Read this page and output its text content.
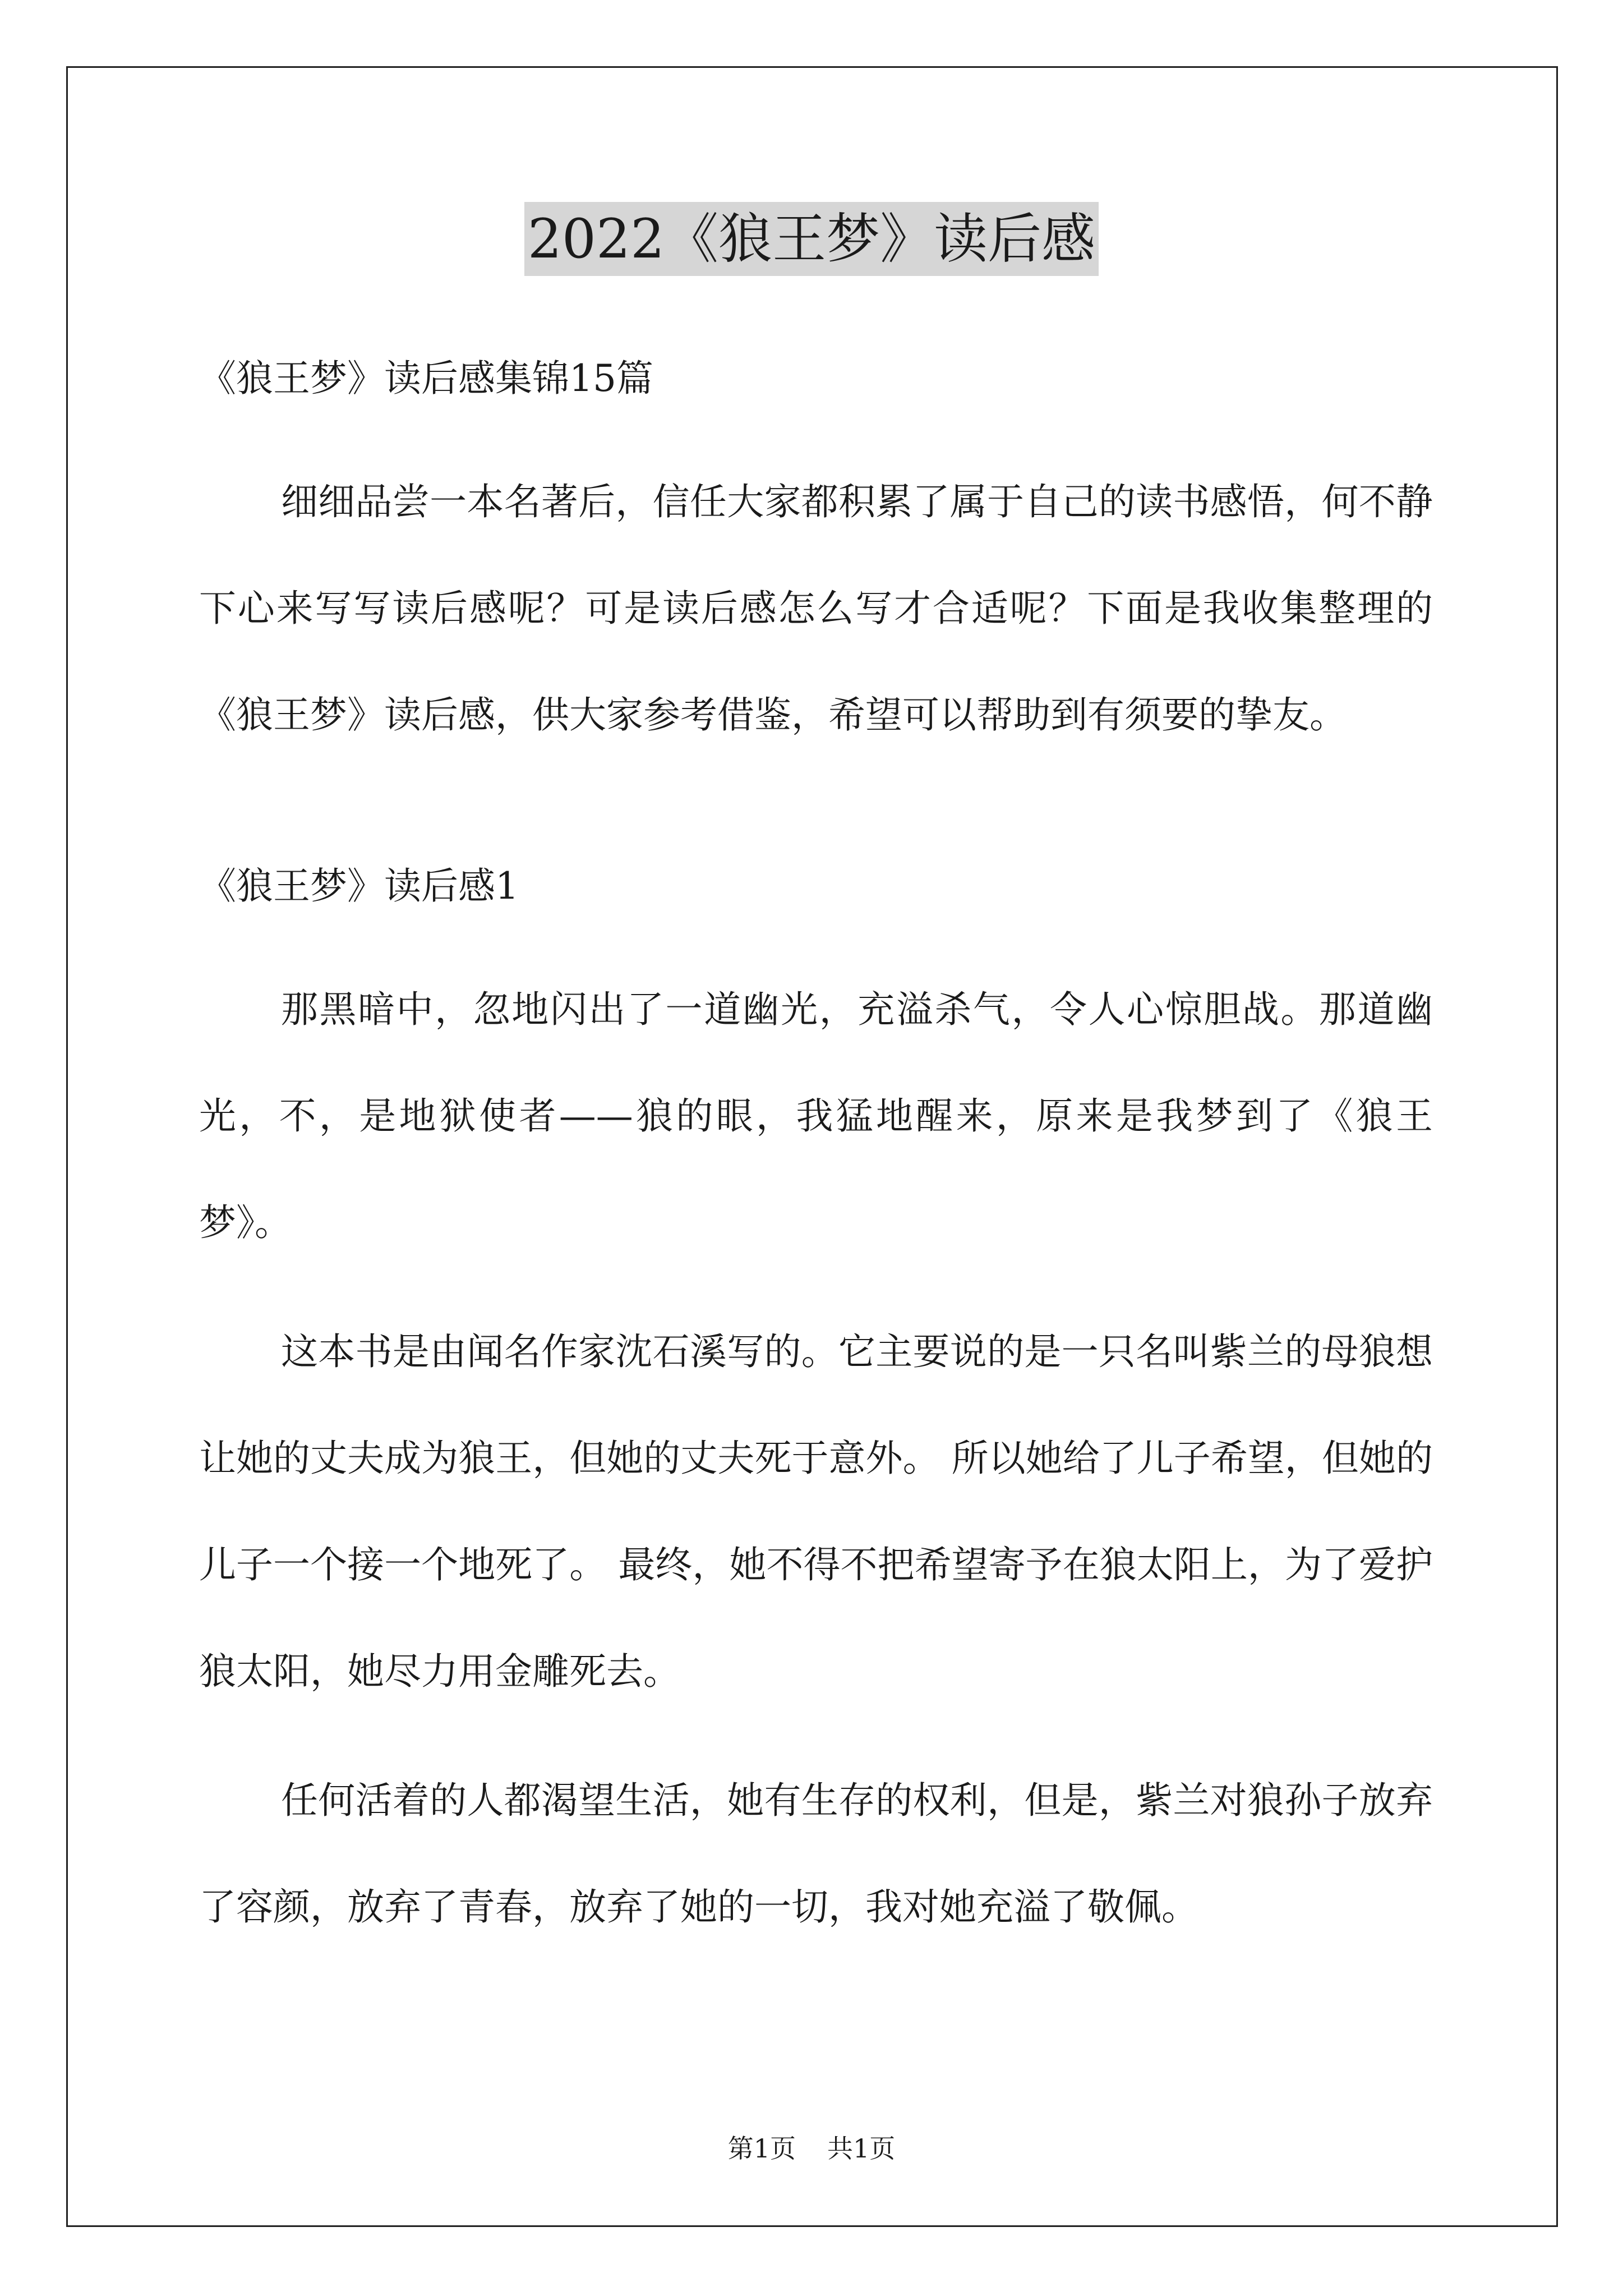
2022《狼王梦》读后感
《狼王梦》读后感集锦15篇

细细品尝一本名著后，信任大家都积累了属于自己的读书感悟，何不静下心来写写读后感呢？可是读后感怎么写才合适呢？下面是我收集整理的《狼王梦》读后感，供大家参考借鉴，希望可以帮助到有须要的挚友。

《狼王梦》读后感1

那黑暗中，忽地闪出了一道幽光，充溢杀气，令人心惊胆战。那道幽光，不，是地狱使者——狼的眼，我猛地醒来，原来是我梦到了《狼王梦》。

这本书是由闻名作家沈石溪写的。它主要说的是一只名叫紫兰的母狼想让她的丈夫成为狼王，但她的丈夫死于意外。 所以她给了儿子希望，但她的儿子一个接一个地死了。 最终，她不得不把希望寄予在狼太阳上，为了爱护狼太阳，她尽力用金雕死去。

任何活着的人都渴望生活，她有生存的权利，但是，紫兰对狼孙子放弃了容颜，放弃了青春，放弃了她的一切，我对她充溢了敬佩。

第1页 共1页
